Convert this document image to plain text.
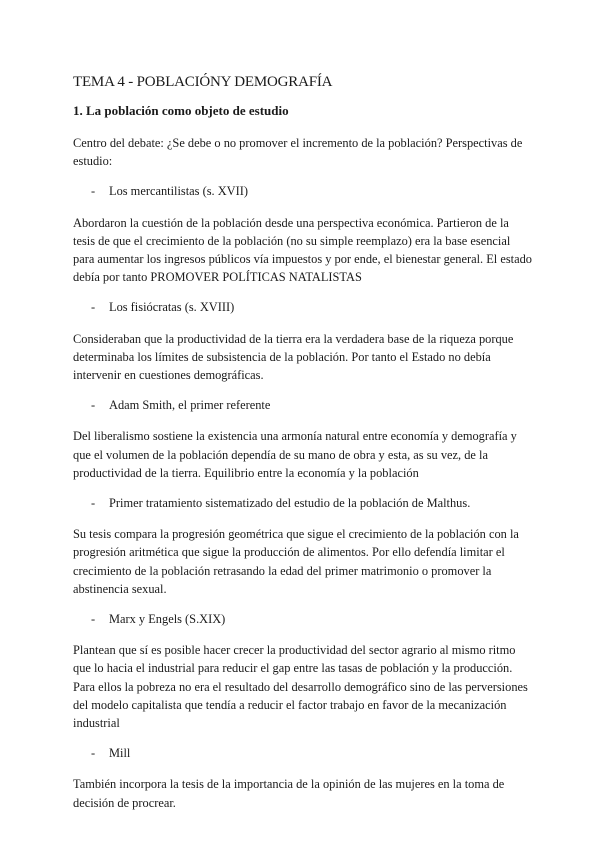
TEMA 4 - POBLACIÓNY DEMOGRAFÍA
1. La población como objeto de estudio
Centro del debate: ¿Se debe o no promover el incremento de la población? Perspectivas de estudio:
-	Los mercantilistas (s. XVII)
Abordaron la cuestión de la población desde una perspectiva económica. Partieron de la tesis de que el crecimiento de la población (no su simple reemplazo) era la base esencial para aumentar los ingresos públicos vía impuestos y por ende, el bienestar general. El estado debía por tanto PROMOVER POLÍTICAS NATALISTAS
-	Los fisiócratas (s. XVIII)
Consideraban que la productividad de la tierra era la verdadera base de la riqueza porque determinaba los límites de subsistencia de la población. Por tanto el Estado no debía intervenir en cuestiones demográficas.
-	Adam Smith, el primer referente
Del liberalismo sostiene la existencia una armonía natural entre economía y demografía y que el volumen de la población dependía de su mano de obra y esta, as su vez, de la productividad de la tierra. Equilibrio entre la economía y la población
-	Primer tratamiento sistematizado del estudio de la población de Malthus.
Su tesis compara la progresión geométrica que sigue el crecimiento de la población con la progresión aritmética que sigue la producción de alimentos. Por ello defendía limitar el crecimiento de la población retrasando la edad del primer matrimonio o promover la abstinencia sexual.
-	Marx y Engels (S.XIX)
Plantean que sí es posible hacer crecer la productividad del sector agrario al mismo ritmo que lo hacia el industrial para reducir el gap entre las tasas de población y la producción. Para ellos la pobreza no era el resultado del desarrollo demográfico sino de las perversiones del modelo capitalista que tendía a reducir el factor trabajo en favor de la mecanización industrial
-	Mill
También incorpora la tesis de la importancia de la opinión de las mujeres en la toma de decisión de procrear.
